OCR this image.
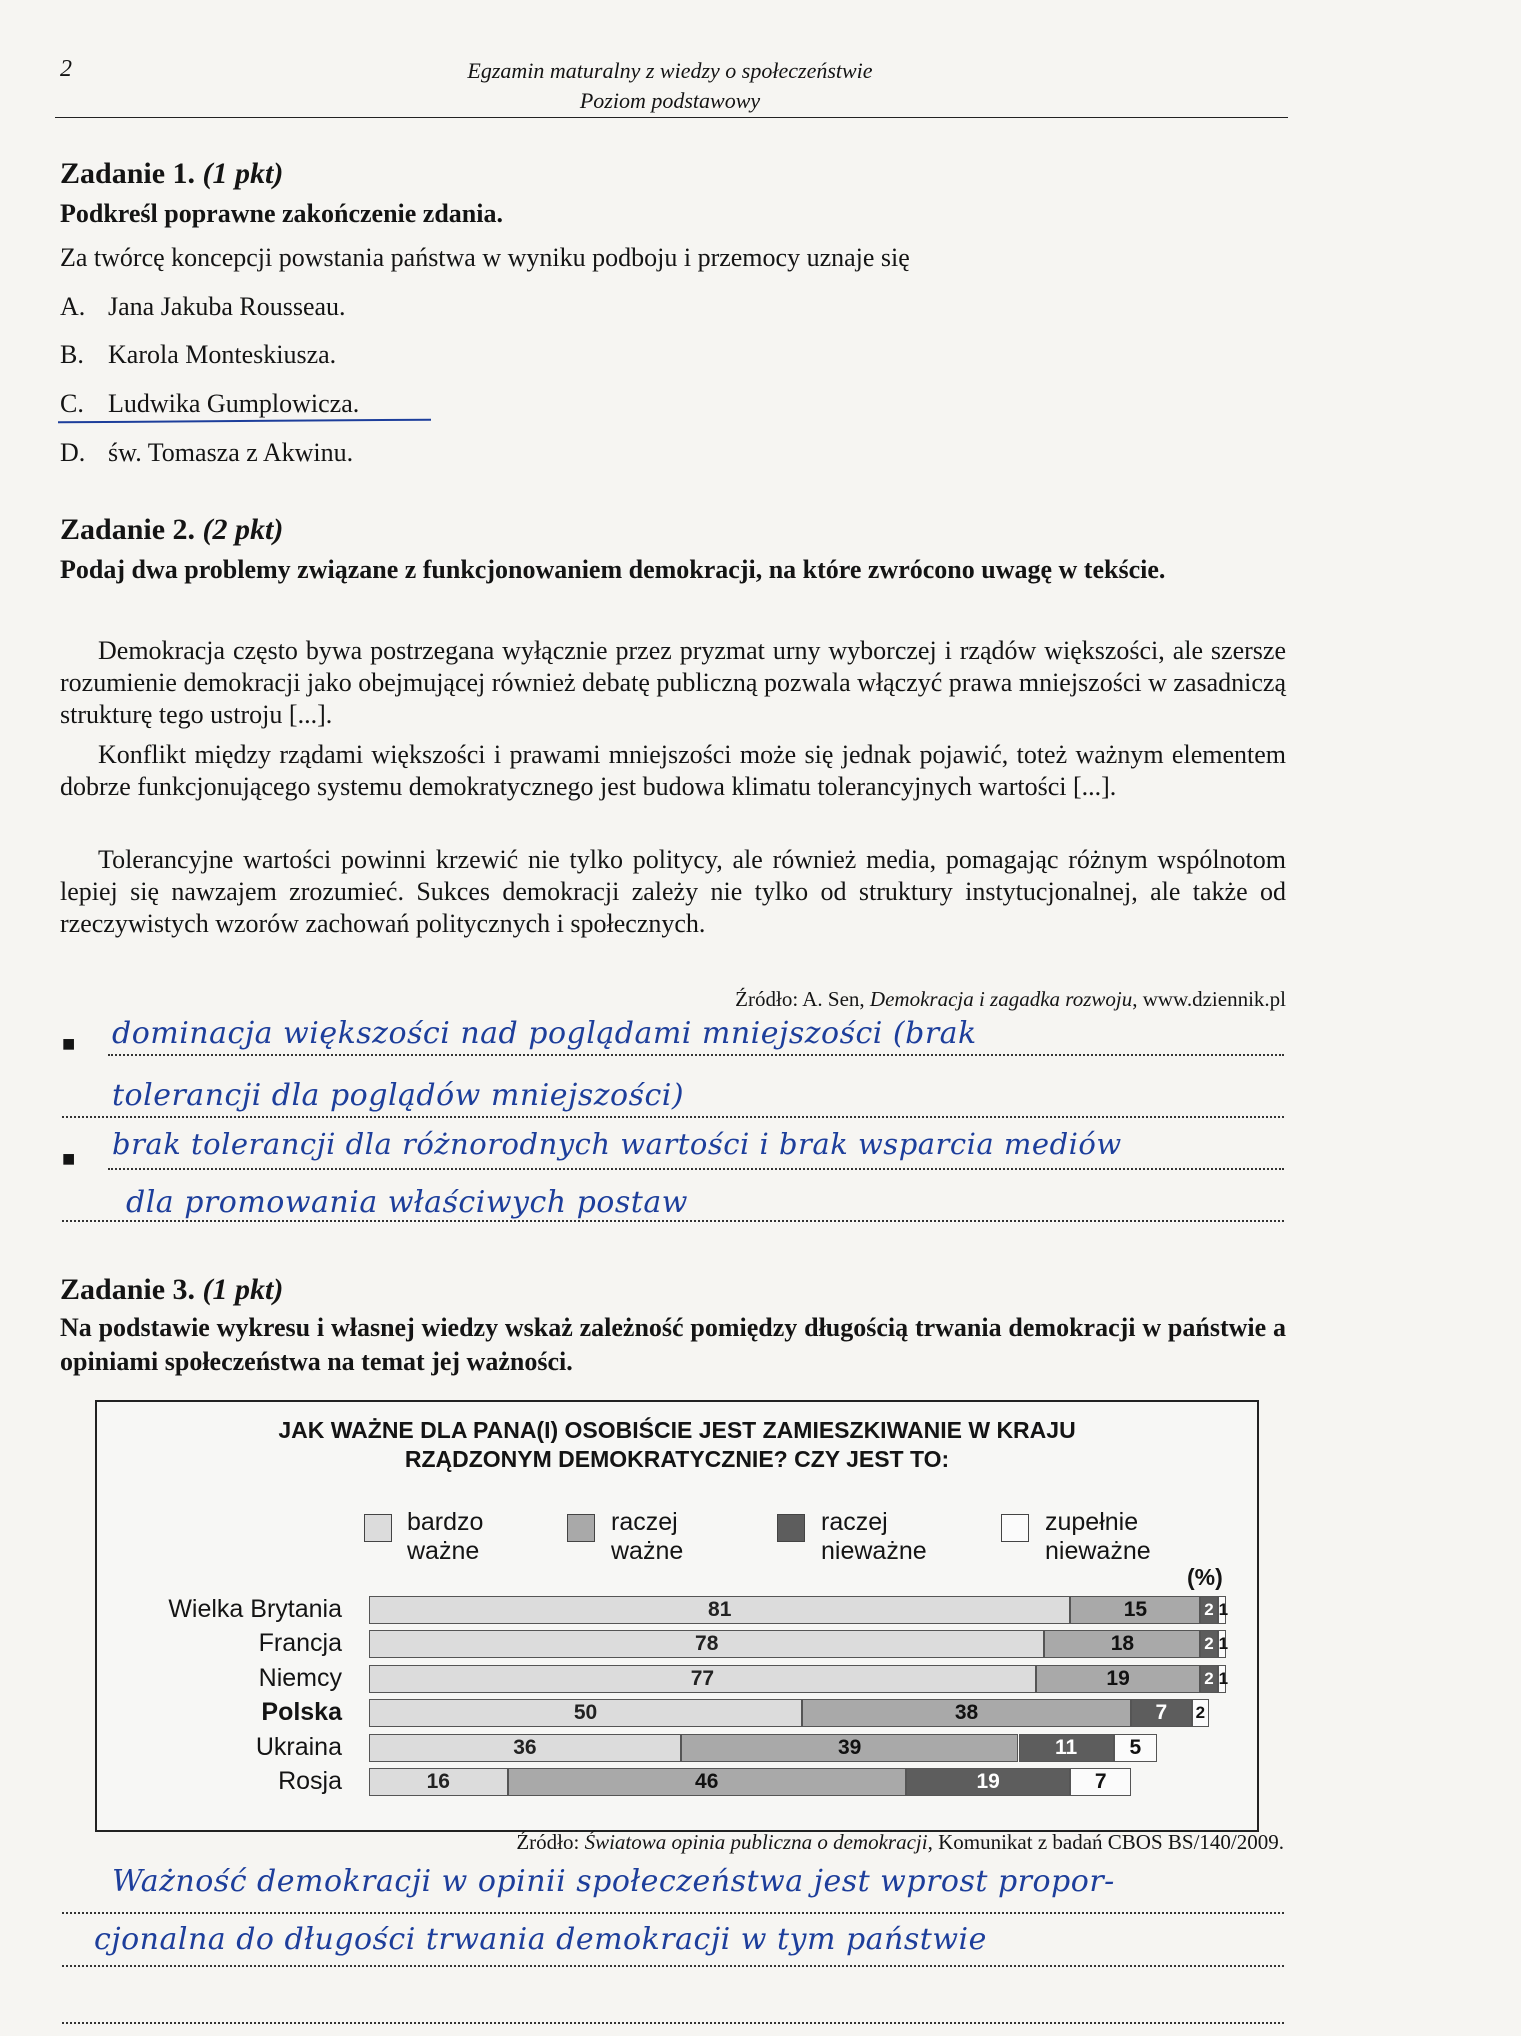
2	Egzamin maturalny z wiedzy o społeczeństwie
Poziom podstawowy
Zadanie 1. (1 pkt)
Podkreśl poprawne zakończenie zdania.
Za twórcę koncepcji powstania państwa w wyniku podboju i przemocy uznaje się
A. Jana Jakuba Rousseau.
B. Karola Monteskiusza.
C. Ludwika Gumplowicza.
D. św. Tomasza z Akwinu.
Zadanie 2. (2 pkt)
Podaj dwa problemy związane z funkcjonowaniem demokracji, na które zwrócono uwagę w tekście.
Demokracja często bywa postrzegana wyłącznie przez pryzmat urny wyborczej i rządów większości, ale szersze rozumienie demokracji jako obejmującej również debatę publiczną pozwala włączyć prawa mniejszości w zasadniczą strukturę tego ustroju [...].
Konflikt między rządami większości i prawami mniejszości może się jednak pojawić, toteż ważnym elementem dobrze funkcjonującego systemu demokratycznego jest budowa klimatu tolerancyjnych wartości [...].
Tolerancyjne wartości powinni krzewić nie tylko politycy, ale również media, pomagając różnym wspólnotom lepiej się nawzajem zrozumieć. Sukces demokracji zależy nie tylko od struktury instytucjonalnej, ale także od rzeczywistych wzorów zachowań politycznych i społecznych.
Źródło: A. Sen, Demokracja i zagadka rozwoju, www.dziennik.pl
■
■
dominacja większości nad poglądami mniejszości (brak
tolerancji dla poglądów mniejszości)
brak tolerancji dla różnorodnych wartości i brak wsparcia mediów
dla promowania właściwych postaw
Zadanie 3. (1 pkt)
Na podstawie wykresu i własnej wiedzy wskaż zależność pomiędzy długością trwania demokracji w państwie a opiniami społeczeństwa na temat jej ważności.
JAK WAŻNE DLA PANA(I) OSOBIŚCIE JEST ZAMIESZKIWANIE W KRAJU
RZĄDZONYM DEMOKRATYCZNIE? CZY JEST TO:
bardzo
ważne
raczej
ważne
raczej
nieważne
zupełnie
nieważne
(%)
Wielka Brytania	81	15	2 1
Francja	78	18	2 1
Niemcy	77	19	2 1
Polska	50	38	7	2
Ukraina	36	39	11	5
Rosja	16	46	19	7
Źródło: Światowa opinia publiczna o demokracji, Komunikat z badań CBOS BS/140/2009.
Ważność demokracji w opinii społeczeństwa jest wprost propor-
cjonalna do długości trwania demokracji w tym państwie
